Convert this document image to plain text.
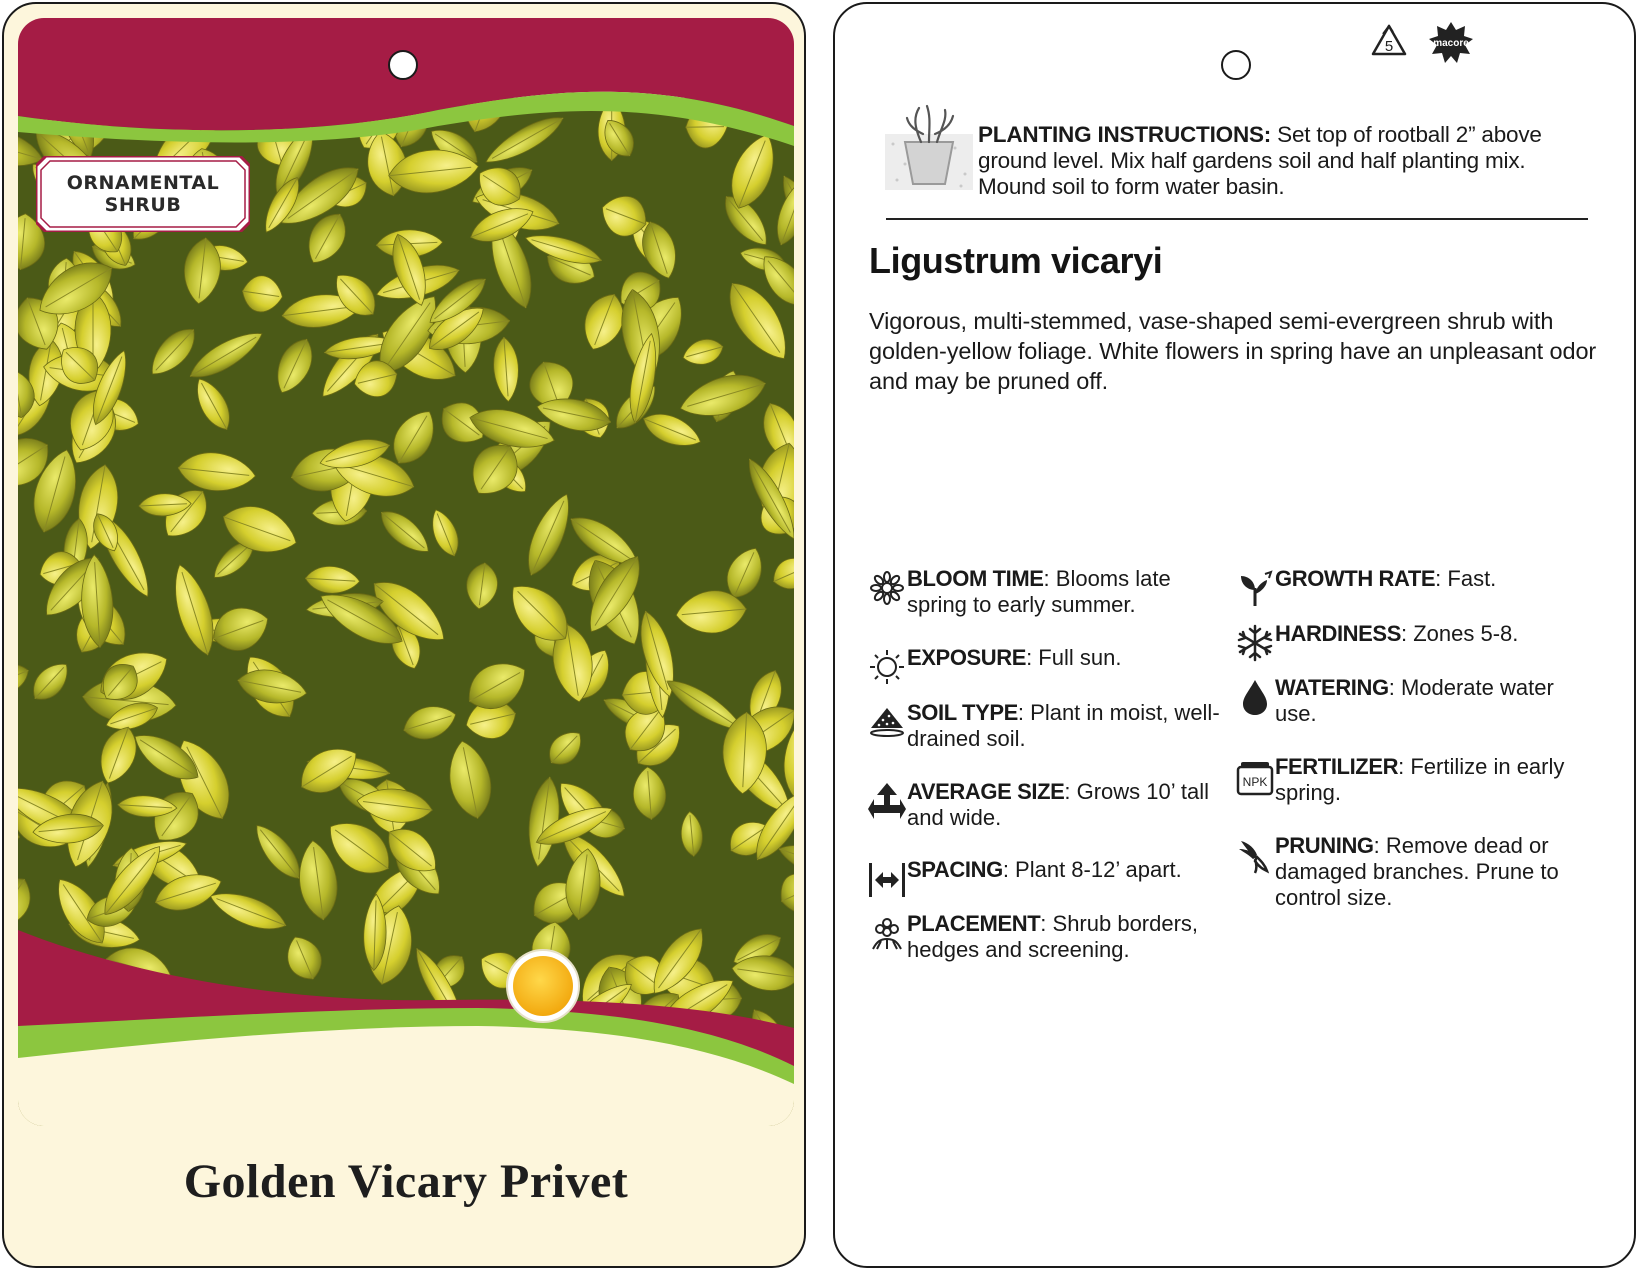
ORNAMENTAL
SHRUB
Golden Vicary Privet
5	macore
PLANTING INSTRUCTIONS: Set top of rootball 2” above ground level. Mix half gardens soil and half planting mix. Mound soil to form water basin.
Ligustrum vicaryi
Vigorous, multi-stemmed, vase-shaped semi-evergreen shrub with golden-yellow foliage. White flowers in spring have an unpleasant odor and may be pruned off.
BLOOM TIME: Blooms late spring to early summer.
EXPOSURE: Full sun.
SOIL TYPE: Plant in moist, well-drained soil.
AVERAGE SIZE: Grows 10’ tall and wide.
SPACING: Plant 8-12’ apart.
PLACEMENT: Shrub borders, hedges and screening.
GROWTH RATE: Fast.
HARDINESS: Zones 5-8.
WATERING: Moderate water use.
NPK
FERTILIZER: Fertilize in early spring.
PRUNING: Remove dead or damaged branches. Prune to control size.
